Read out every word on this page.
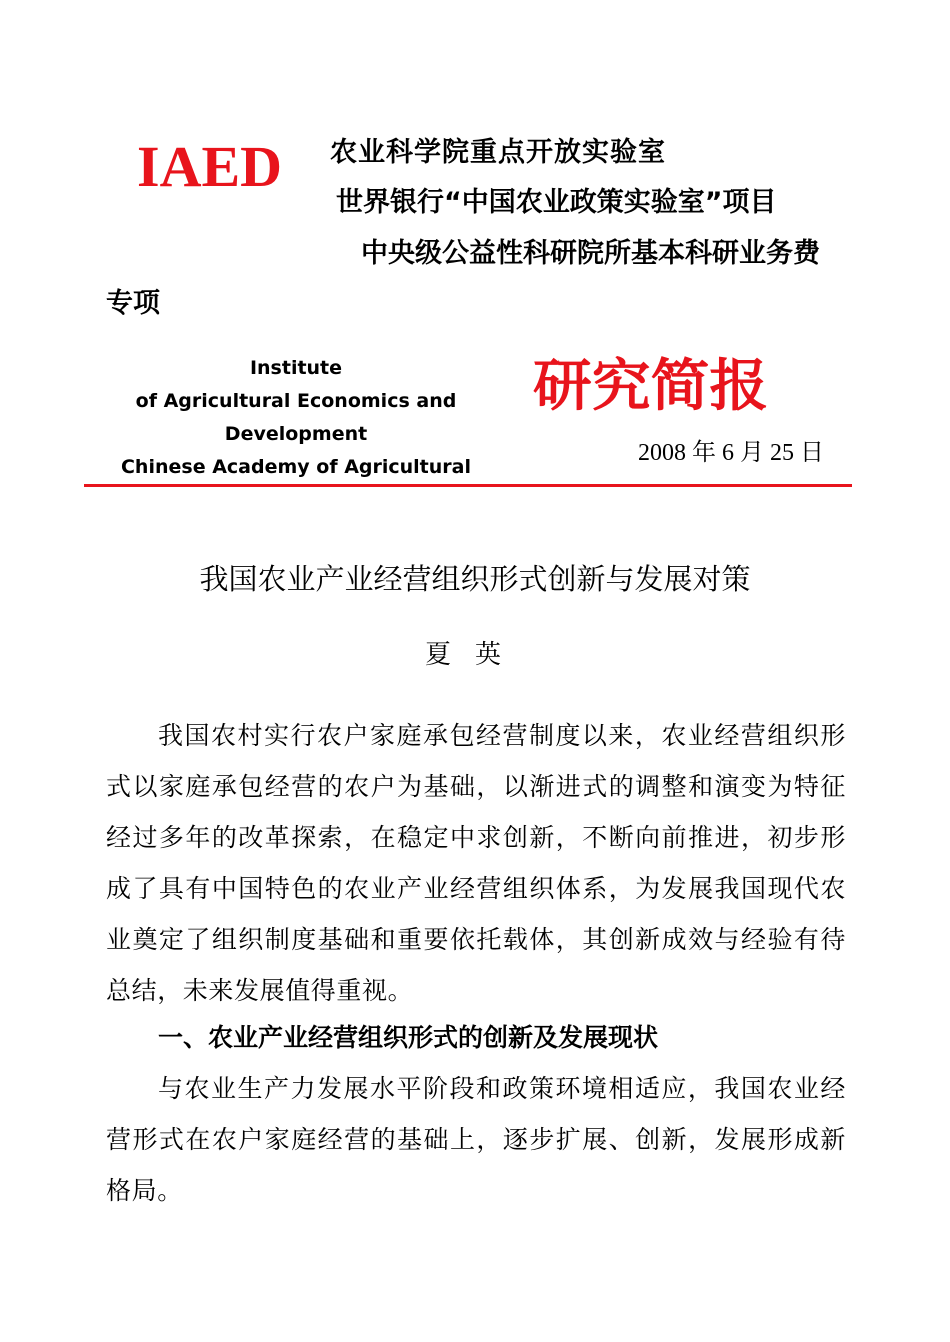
IAED 农业科学院重点开放实验室
世界银行“中国农业政策实验室”项目
中央级公益性科研院所基本科研业务费
专项
Institute
of Agricultural Economics and
Development
Chinese Academy of Agricultural
研究简报
2008 年 6 月 25 日
我国农业产业经营组织形式创新与发展对策
夏英
我国农村实行农户家庭承包经营制度以来，农业经营组织形式以家庭承包经营的农户为基础，以渐进式的调整和演变为特征经过多年的改革探索，在稳定中求创新，不断向前推进，初步形成了具有中国特色的农业产业经营组织体系，为发展我国现代农业奠定了组织制度基础和重要依托载体，其创新成效与经验有待总结，未来发展值得重视。
一、农业产业经营组织形式的创新及发展现状
与农业生产力发展水平阶段和政策环境相适应，我国农业经营形式在农户家庭经营的基础上，逐步扩展、创新，发展形成新格局。
